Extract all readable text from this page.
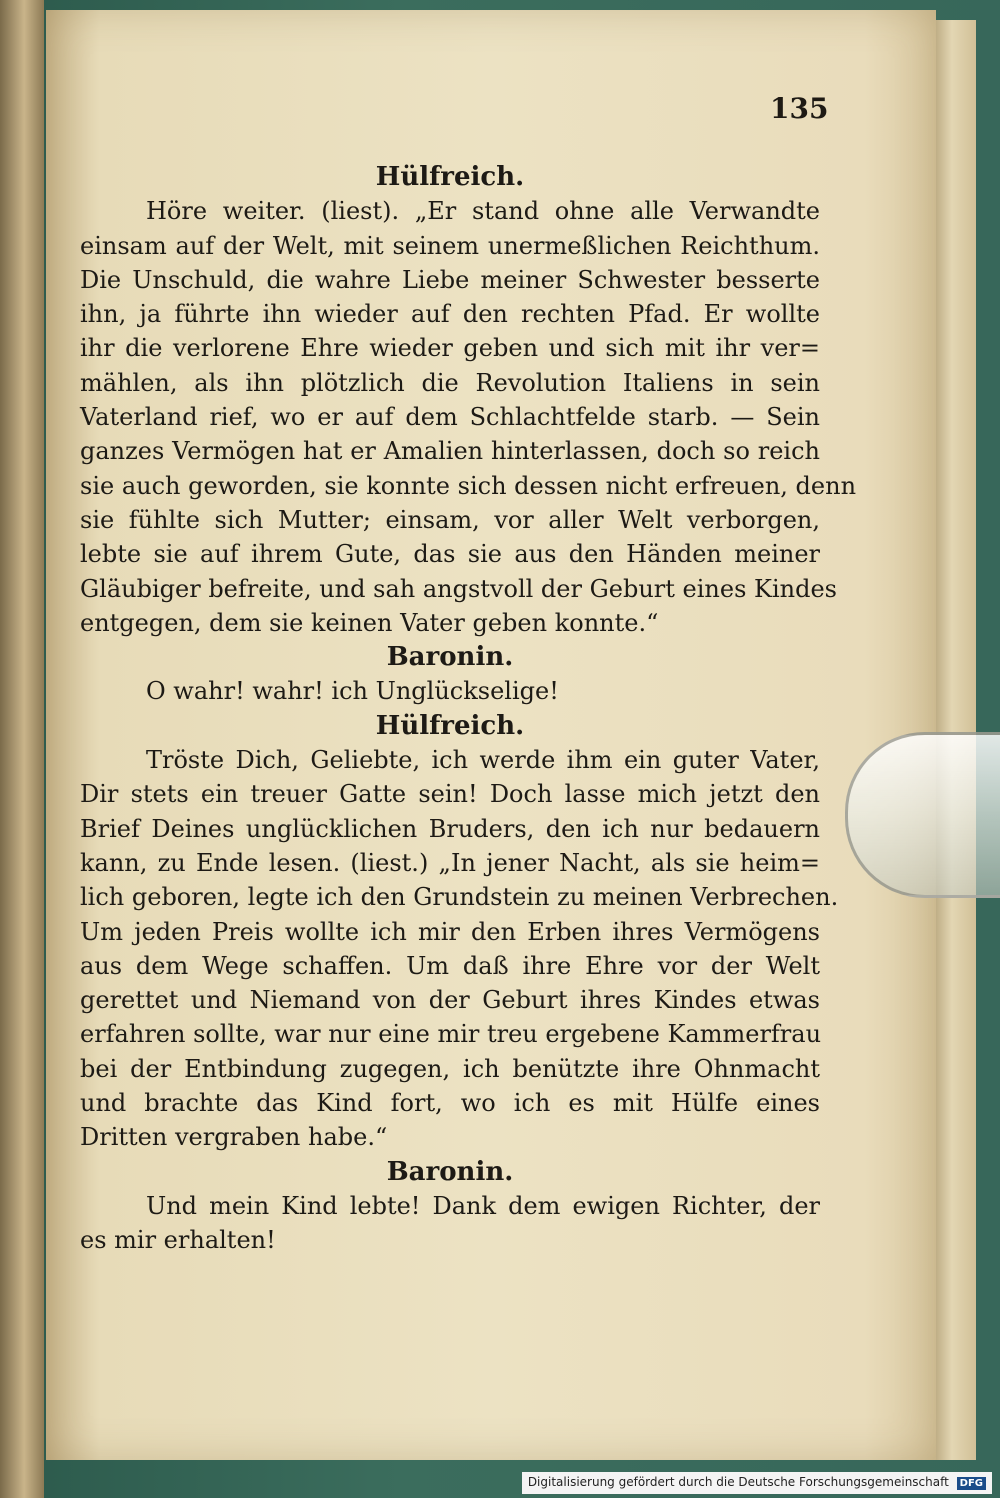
135
Hülfreich.
Höre weiter. (liest). „Er stand ohne alle Verwandte
einsam auf der Welt, mit seinem unermeßlichen Reichthum.
Die Unschuld, die wahre Liebe meiner Schwester besserte
ihn, ja führte ihn wieder auf den rechten Pfad. Er wollte
ihr die verlorene Ehre wieder geben und sich mit ihr ver=
mählen, als ihn plötzlich die Revolution Italiens in sein
Vaterland rief, wo er auf dem Schlachtfelde starb. — Sein
ganzes Vermögen hat er Amalien hinterlassen, doch so reich
sie auch geworden, sie konnte sich dessen nicht erfreuen, denn
sie fühlte sich Mutter; einsam, vor aller Welt verborgen,
lebte sie auf ihrem Gute, das sie aus den Händen meiner
Gläubiger befreite, und sah angstvoll der Geburt eines Kindes
entgegen, dem sie keinen Vater geben konnte.“
Baronin.
O wahr! wahr! ich Unglückselige!
Hülfreich.
Tröste Dich, Geliebte, ich werde ihm ein guter Vater,
Dir stets ein treuer Gatte sein! Doch lasse mich jetzt den
Brief Deines unglücklichen Bruders, den ich nur bedauern
kann, zu Ende lesen. (liest.) „In jener Nacht, als sie heim=
lich geboren, legte ich den Grundstein zu meinen Verbrechen.
Um jeden Preis wollte ich mir den Erben ihres Vermögens
aus dem Wege schaffen. Um daß ihre Ehre vor der Welt
gerettet und Niemand von der Geburt ihres Kindes etwas
erfahren sollte, war nur eine mir treu ergebene Kammerfrau
bei der Entbindung zugegen, ich benützte ihre Ohnmacht
und brachte das Kind fort, wo ich es mit Hülfe eines
Dritten vergraben habe.“
Baronin.
Und mein Kind lebte! Dank dem ewigen Richter, der
es mir erhalten!
Digitalisierung gefördert durch die Deutsche Forschungsgemeinschaft DFG
